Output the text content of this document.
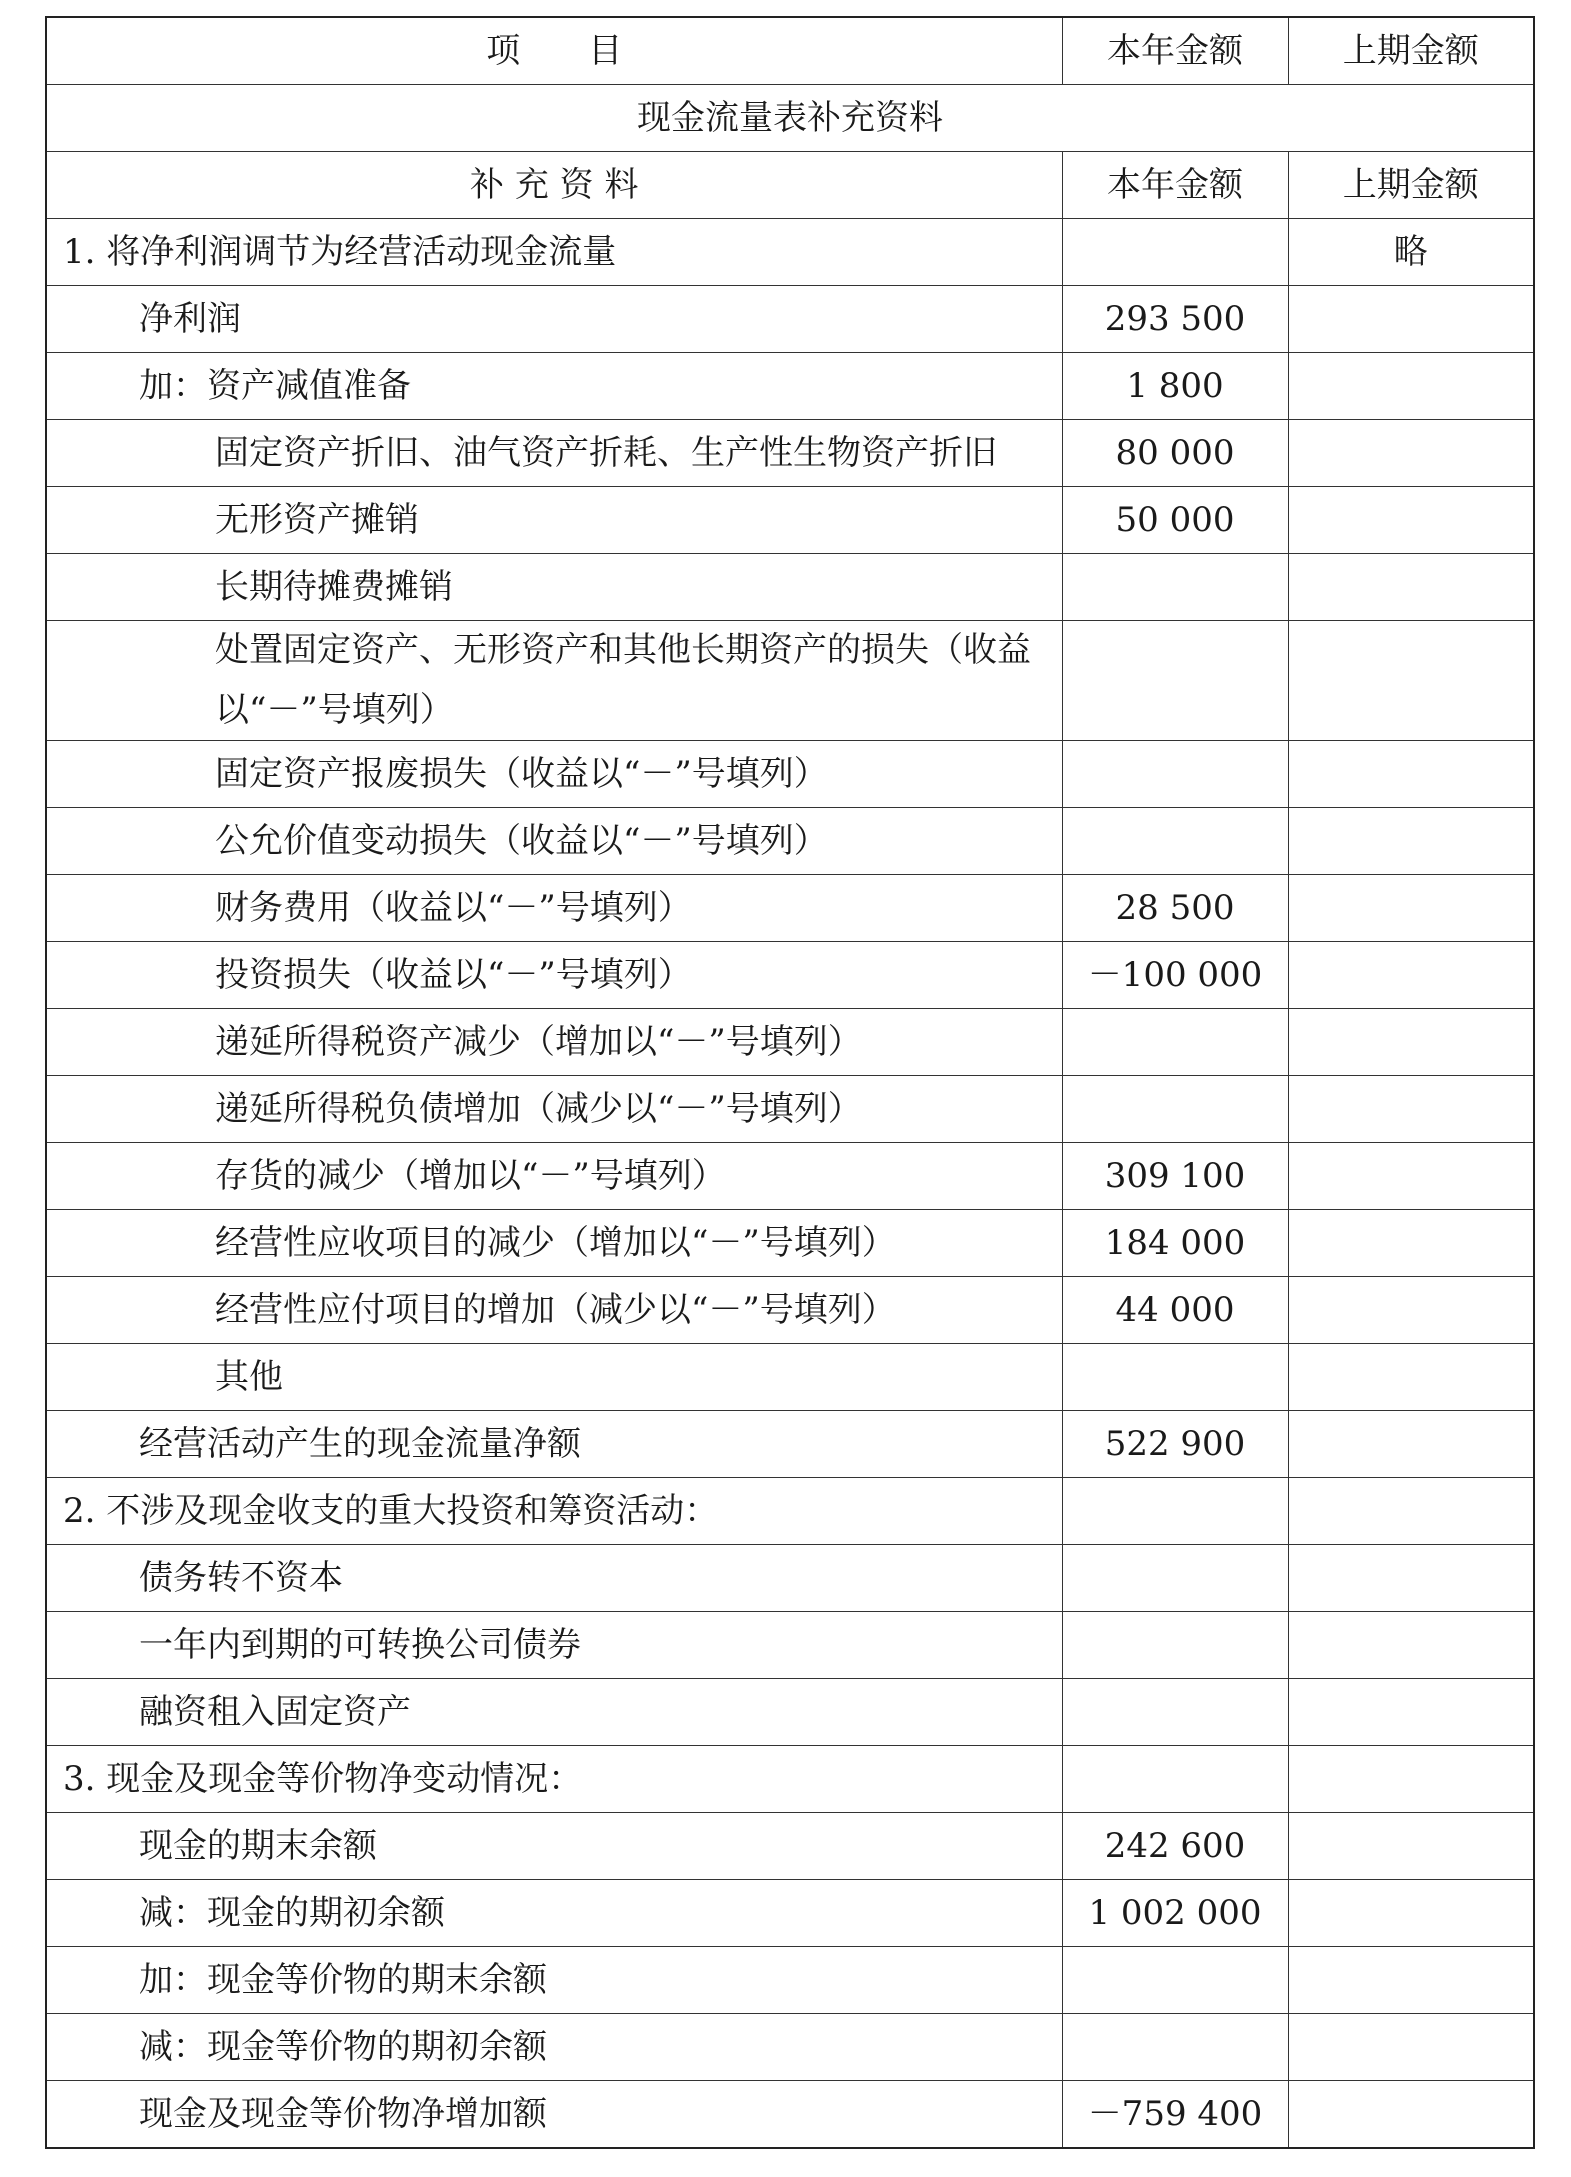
项　　目	本年金额	上期金额
现金流量表补充资料		
补 充 资 料	本年金额	上期金额
1. 将净利润调节为经营活动现金流量		略
净利润	293 500	
加：资产减值准备	1 800	
固定资产折旧、油气资产折耗、生产性生物资产折旧	80 000	
无形资产摊销	50 000	
长期待摊费摊销		
处置固定资产、无形资产和其他长期资产的损失（收益以“－”号填列）		
固定资产报废损失（收益以“－”号填列）		
公允价值变动损失（收益以“－”号填列）		
财务费用（收益以“－”号填列）	28 500	
投资损失（收益以“－”号填列）	－100 000	
递延所得税资产减少（增加以“－”号填列）		
递延所得税负债增加（减少以“－”号填列）		
存货的减少（增加以“－”号填列）	309 100	
经营性应收项目的减少（增加以“－”号填列）	184 000	
经营性应付项目的增加（减少以“－”号填列）	44 000	
其他		
经营活动产生的现金流量净额	522 900	
2. 不涉及现金收支的重大投资和筹资活动：		
债务转不资本		
一年内到期的可转换公司债券		
融资租入固定资产		
3. 现金及现金等价物净变动情况：		
现金的期末余额	242 600	
减：现金的期初余额	1 002 000	
加：现金等价物的期末余额		
减：现金等价物的期初余额		
现金及现金等价物净增加额	－759 400	
